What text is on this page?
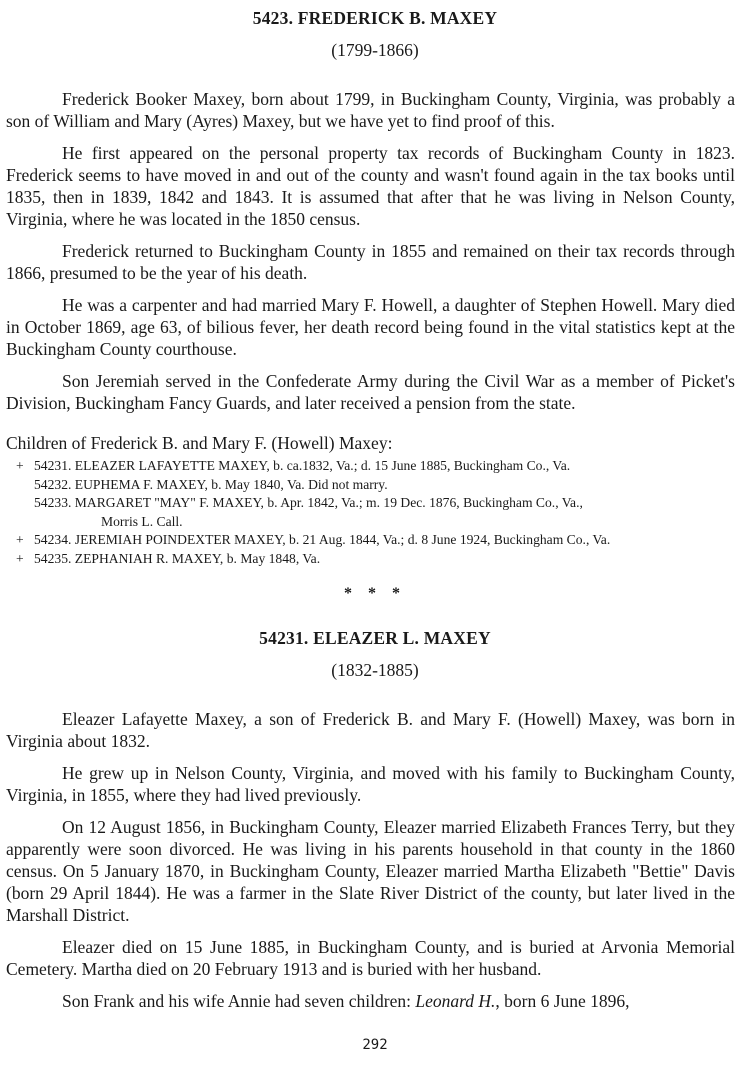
5423. FREDERICK B. MAXEY
(1799-1866)

Frederick Booker Maxey, born about 1799, in Buckingham County, Virginia, was probably a son of William and Mary (Ayres) Maxey, but we have yet to find proof of this.

He first appeared on the personal property tax records of Buckingham County in 1823. Frederick seems to have moved in and out of the county and wasn't found again in the tax books until 1835, then in 1839, 1842 and 1843. It is assumed that after that he was living in Nelson County, Virginia, where he was located in the 1850 census.

Frederick returned to Buckingham County in 1855 and remained on their tax records through 1866, presumed to be the year of his death.

He was a carpenter and had married Mary F. Howell, a daughter of Stephen Howell. Mary died in October 1869, age 63, of bilious fever, her death record being found in the vital statistics kept at the Buckingham County courthouse.

Son Jeremiah served in the Confederate Army during the Civil War as a member of Picket's Division, Buckingham Fancy Guards, and later received a pension from the state.

Children of Frederick B. and Mary F. (Howell) Maxey:

+ 54231. ELEAZER LAFAYETTE MAXEY, b. ca.1832, Va.; d. 15 June 1885, Buckingham Co., Va.
54232. EUPHEMA F. MAXEY, b. May 1840, Va. Did not marry.
54233. MARGARET "MAY" F. MAXEY, b. Apr. 1842, Va.; m. 19 Dec. 1876, Buckingham Co., Va.,
Morris L. Call.
+ 54234. JEREMIAH POINDEXTER MAXEY, b. 21 Aug. 1844, Va.; d. 8 June 1924, Buckingham Co., Va.
+ 54235. ZEPHANIAH R. MAXEY, b. May 1848, Va.
* * *
54231. ELEAZER L. MAXEY
(1832-1885)

Eleazer Lafayette Maxey, a son of Frederick B. and Mary F. (Howell) Maxey, was born in Virginia about 1832.

He grew up in Nelson County, Virginia, and moved with his family to Buckingham County, Virginia, in 1855, where they had lived previously.

On 12 August 1856, in Buckingham County, Eleazer married Elizabeth Frances Terry, but they apparently were soon divorced. He was living in his parents household in that county in the 1860 census. On 5 January 1870, in Buckingham County, Eleazer married Martha Elizabeth "Bettie" Davis (born 29 April 1844). He was a farmer in the Slate River District of the county, but later lived in the Marshall District.

Eleazer died on 15 June 1885, in Buckingham County, and is buried at Arvonia Memorial Cemetery. Martha died on 20 February 1913 and is buried with her husband.

Son Frank and his wife Annie had seven children: Leonard H., born 6 June 1896,

292
